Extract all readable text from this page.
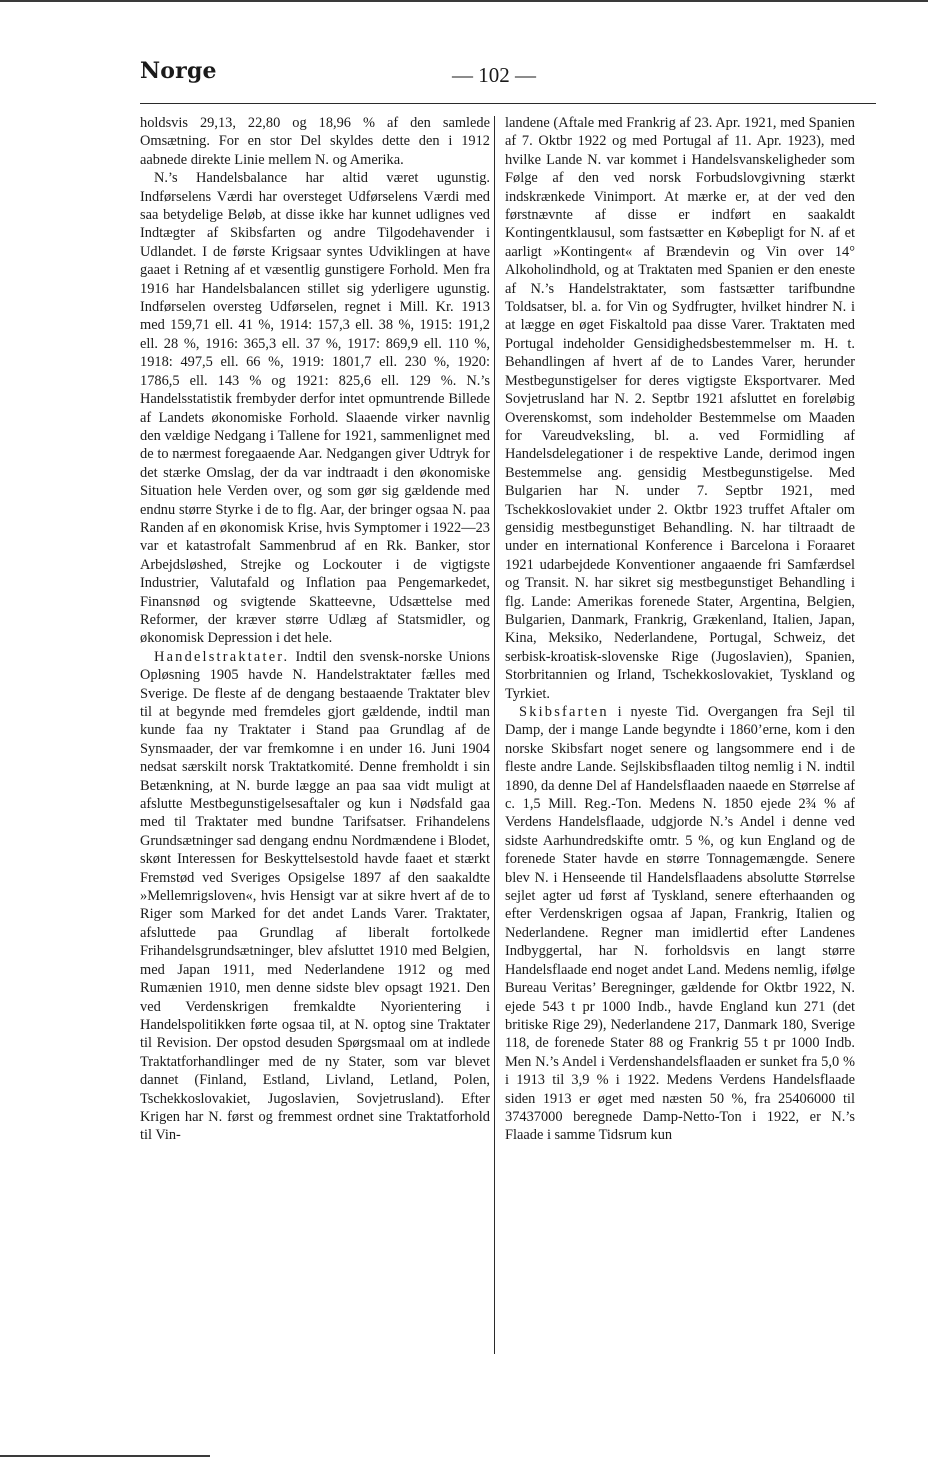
Norge	— 102 —

holdsvis 29,13, 22,80 og 18,96 % af den samlede Omsætning. For en stor Del skyldes dette den i 1912 aabnede direkte Linie mellem N. og Amerika.

N.’s Handelsbalance har altid været ugunstig. Indførselens Værdi har oversteget Udførselens Værdi med saa betydelige Beløb, at disse ikke har kunnet udlignes ved Indtægter af Skibsfarten og andre Tilgodehavender i Udlandet. I de første Krigsaar syntes Udviklingen at have gaaet i Retning af et væsentlig gunstigere Forhold. Men fra 1916 har Handelsbalancen stillet sig yderligere ugunstig. Indførselen oversteg Udførselen, regnet i Mill. Kr. 1913 med 159,71 ell. 41 %, 1914: 157,3 ell. 38 %, 1915: 191,2 ell. 28 %, 1916: 365,3 ell. 37 %, 1917: 869,9 ell. 110 %, 1918: 497,5 ell. 66 %, 1919: 1801,7 ell. 230 %, 1920: 1786,5 ell. 143 % og 1921: 825,6 ell. 129 %. N.’s Handelsstatistik frembyder derfor intet opmuntrende Billede af Landets økonomiske Forhold. Slaaende virker navnlig den vældige Nedgang i Tallene for 1921, sammenlignet med de to nærmest foregaaende Aar. Nedgangen giver Udtryk for det stærke Omslag, der da var indtraadt i den økonomiske Situation hele Verden over, og som gør sig gældende med endnu større Styrke i de to flg. Aar, der bringer ogsaa N. paa Randen af en økonomisk Krise, hvis Symptomer i 1922—23 var et katastrofalt Sammenbrud af en Rk. Banker, stor Arbejdsløshed, Strejke og Lockouter i de vigtigste Industrier, Valutafald og Inflation paa Pengemarkedet, Finansnød og svigtende Skatteevne, Udsættelse med Reformer, der kræver større Udlæg af Statsmidler, og økonomisk Depression i det hele.

Handelstraktater. Indtil den svensk-norske Unions Opløsning 1905 havde N. Handelstraktater fælles med Sverige. De fleste af de dengang bestaaende Traktater blev til at begynde med fremdeles gjort gældende, indtil man kunde faa ny Traktater i Stand paa Grundlag af de Synsmaader, der var fremkomne i en under 16. Juni 1904 nedsat særskilt norsk Traktatkomité. Denne fremholdt i sin Betænkning, at N. burde lægge an paa saa vidt muligt at afslutte Mestbegunstigelsesaftaler og kun i Nødsfald gaa med til Traktater med bundne Tarifsatser. Frihandelens Grundsætninger sad dengang endnu Nordmændene i Blodet, skønt Interessen for Beskyttelsestold havde faaet et stærkt Fremstød ved Sveriges Opsigelse 1897 af den saakaldte »Mellemrigsloven«, hvis Hensigt var at sikre hvert af de to Riger som Marked for det andet Lands Varer. Traktater, afsluttede paa Grundlag af liberalt fortolkede Frihandelsgrundsætninger, blev afsluttet 1910 med Belgien, med Japan 1911, med Nederlandene 1912 og med Rumænien 1910, men denne sidste blev opsagt 1921. Den ved Verdenskrigen fremkaldte Nyorientering i Handelspolitikken førte ogsaa til, at N. optog sine Traktater til Revision. Der opstod desuden Spørgsmaal om at indlede Traktatforhandlinger med de ny Stater, som var blevet dannet (Finland, Estland, Livland, Letland, Polen, Tschekkoslovakiet, Jugoslavien, Sovjetrusland). Efter Krigen har N. først og fremmest ordnet sine Traktatforhold til Vin-

landene (Aftale med Frankrig af 23. Apr. 1921, med Spanien af 7. Oktbr 1922 og med Portugal af 11. Apr. 1923), med hvilke Lande N. var kommet i Handelsvanskeligheder som Følge af den ved norsk Forbudslovgivning stærkt indskrænkede Vinimport. At mærke er, at der ved den førstnævnte af disse er indført en saakaldt Kontingentklausul, som fastsætter en Købepligt for N. af et aarligt »Kontingent« af Brændevin og Vin over 14° Alkoholindhold, og at Traktaten med Spanien er den eneste af N.’s Handelstraktater, som fastsætter tarifbundne Toldsatser, bl. a. for Vin og Sydfrugter, hvilket hindrer N. i at lægge en øget Fiskaltold paa disse Varer. Traktaten med Portugal indeholder Gensidighedsbestemmelser m. H. t. Behandlingen af hvert af de to Landes Varer, herunder Mestbegunstigelser for deres vigtigste Eksportvarer. Med Sovjetrusland har N. 2. Septbr 1921 afsluttet en foreløbig Overenskomst, som indeholder Bestemmelse om Maaden for Vareudveksling, bl. a. ved Formidling af Handelsdelegationer i de respektive Lande, derimod ingen Bestemmelse ang. gensidig Mestbegunstigelse. Med Bulgarien har N. under 7. Septbr 1921, med Tschekkoslovakiet under 2. Oktbr 1923 truffet Aftaler om gensidig mestbegunstiget Behandling. N. har tiltraadt de under en international Konference i Barcelona i Foraaret 1921 udarbejdede Konventioner angaaende fri Samfærdsel og Transit. N. har sikret sig mestbegunstiget Behandling i flg. Lande: Amerikas forenede Stater, Argentina, Belgien, Bulgarien, Danmark, Frankrig, Grækenland, Italien, Japan, Kina, Meksiko, Nederlandene, Portugal, Schweiz, det serbisk-kroatisk-slovenske Rige (Jugoslavien), Spanien, Storbritannien og Irland, Tschekkoslovakiet, Tyskland og Tyrkiet.

Skibsfarten i nyeste Tid. Overgangen fra Sejl til Damp, der i mange Lande begyndte i 1860’erne, kom i den norske Skibsfart noget senere og langsommere end i de fleste andre Lande. Sejlskibsflaaden tiltog nemlig i N. indtil 1890, da denne Del af Handelsflaaden naaede en Størrelse af c. 1,5 Mill. Reg.-Ton. Medens N. 1850 ejede 2¾ % af Verdens Handelsflaade, udgjorde N.’s Andel i denne ved sidste Aarhundredskifte omtr. 5 %, og kun England og de forenede Stater havde en større Tonnagemængde. Senere blev N. i Henseende til Handelsflaadens absolutte Størrelse sejlet agter ud først af Tyskland, senere efterhaanden og efter Verdenskrigen ogsaa af Japan, Frankrig, Italien og Nederlandene. Regner man imidlertid efter Landenes Indbyggertal, har N. forholdsvis en langt større Handelsflaade end noget andet Land. Medens nemlig, ifølge Bureau Veritas’ Beregninger, gældende for Oktbr 1922, N. ejede 543 t pr 1000 Indb., havde England kun 271 (det britiske Rige 29), Nederlandene 217, Danmark 180, Sverige 118, de forenede Stater 88 og Frankrig 55 t pr 1000 Indb. Men N.’s Andel i Verdenshandelsflaaden er sunket fra 5,0 % i 1913 til 3,9 % i 1922. Medens Verdens Handelsflaade siden 1913 er øget med næsten 50 %, fra 25406000 til 37437000 beregnede Damp-Netto-Ton i 1922, er N.’s Flaade i samme Tidsrum kun
